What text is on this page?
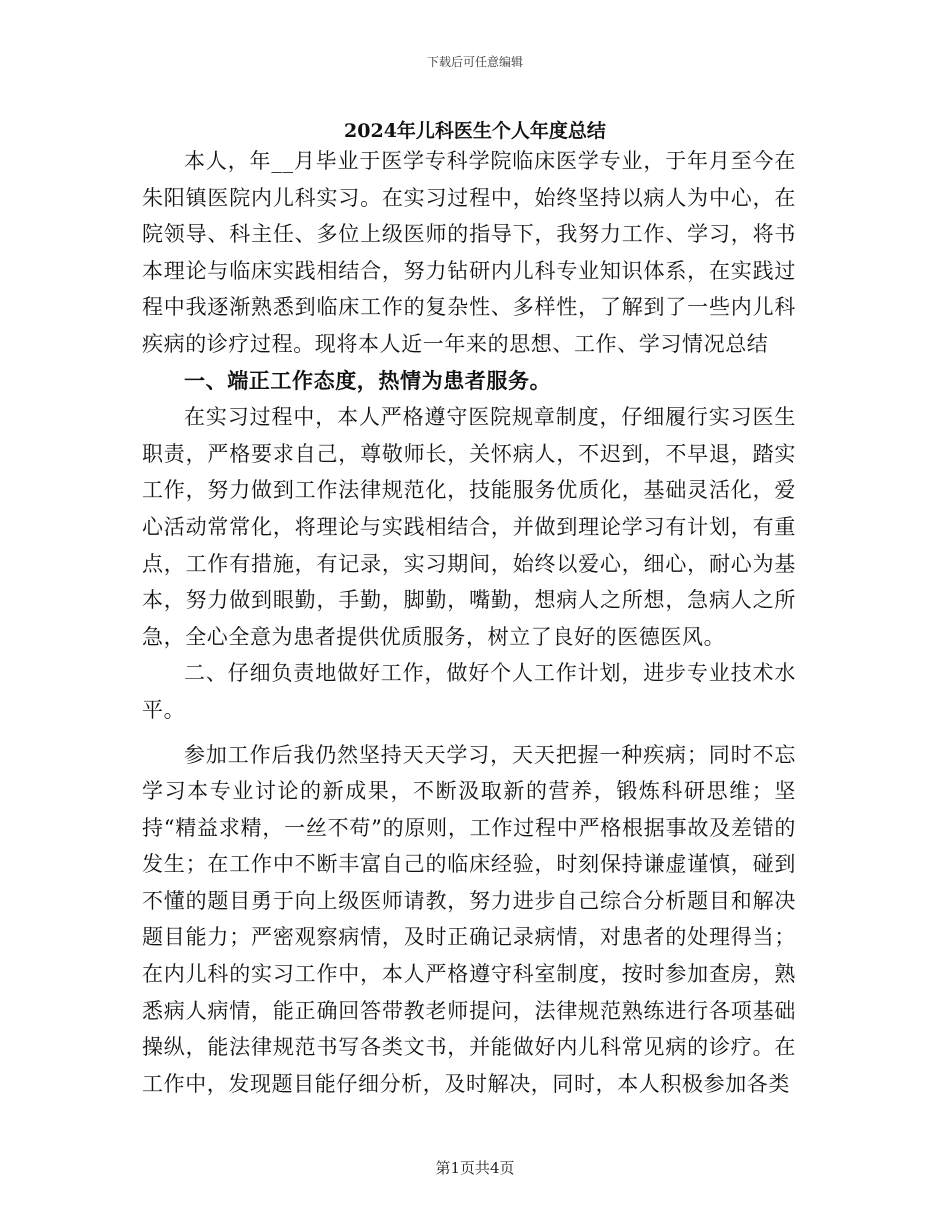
下载后可任意编辑
2024年儿科医生个人年度总结

本人，年__月毕业于医学专科学院临床医学专业，于年月至今在朱阳镇医院内儿科实习。在实习过程中，始终坚持以病人为中心，在院领导、科主任、多位上级医师的指导下，我努力工作、学习，将书本理论与临床实践相结合，努力钻研内儿科专业知识体系，在实践过程中我逐渐熟悉到临床工作的复杂性、多样性，了解到了一些内儿科疾病的诊疗过程。现将本人近一年来的思想、工作、学习情况总结

一、端正工作态度，热情为患者服务。

在实习过程中，本人严格遵守医院规章制度，仔细履行实习医生职责，严格要求自己，尊敬师长，关怀病人，不迟到，不早退，踏实工作，努力做到工作法律规范化，技能服务优质化，基础灵活化，爱心活动常常化，将理论与实践相结合，并做到理论学习有计划，有重点，工作有措施，有记录，实习期间，始终以爱心，细心，耐心为基本，努力做到眼勤，手勤，脚勤，嘴勤，想病人之所想，急病人之所急，全心全意为患者提供优质服务，树立了良好的医德医风。

二、仔细负责地做好工作，做好个人工作计划，进步专业技术水平。

参加工作后我仍然坚持天天学习，天天把握一种疾病；同时不忘学习本专业讨论的新成果，不断汲取新的营养，锻炼科研思维；坚持“精益求精，一丝不苟”的原则，工作过程中严格根据事故及差错的发生；在工作中不断丰富自己的临床经验，时刻保持谦虚谨慎，碰到不懂的题目勇于向上级医师请教，努力进步自己综合分析题目和解决题目能力；严密观察病情，及时正确记录病情，对患者的处理得当；在内儿科的实习工作中，本人严格遵守科室制度，按时参加查房，熟悉病人病情，能正确回答带教老师提问，法律规范熟练进行各项基础操纵，能法律规范书写各类文书，并能做好内儿科常见病的诊疗。在工作中，发现题目能仔细分析，及时解决，同时，本人积极参加各类

第1页共4页
